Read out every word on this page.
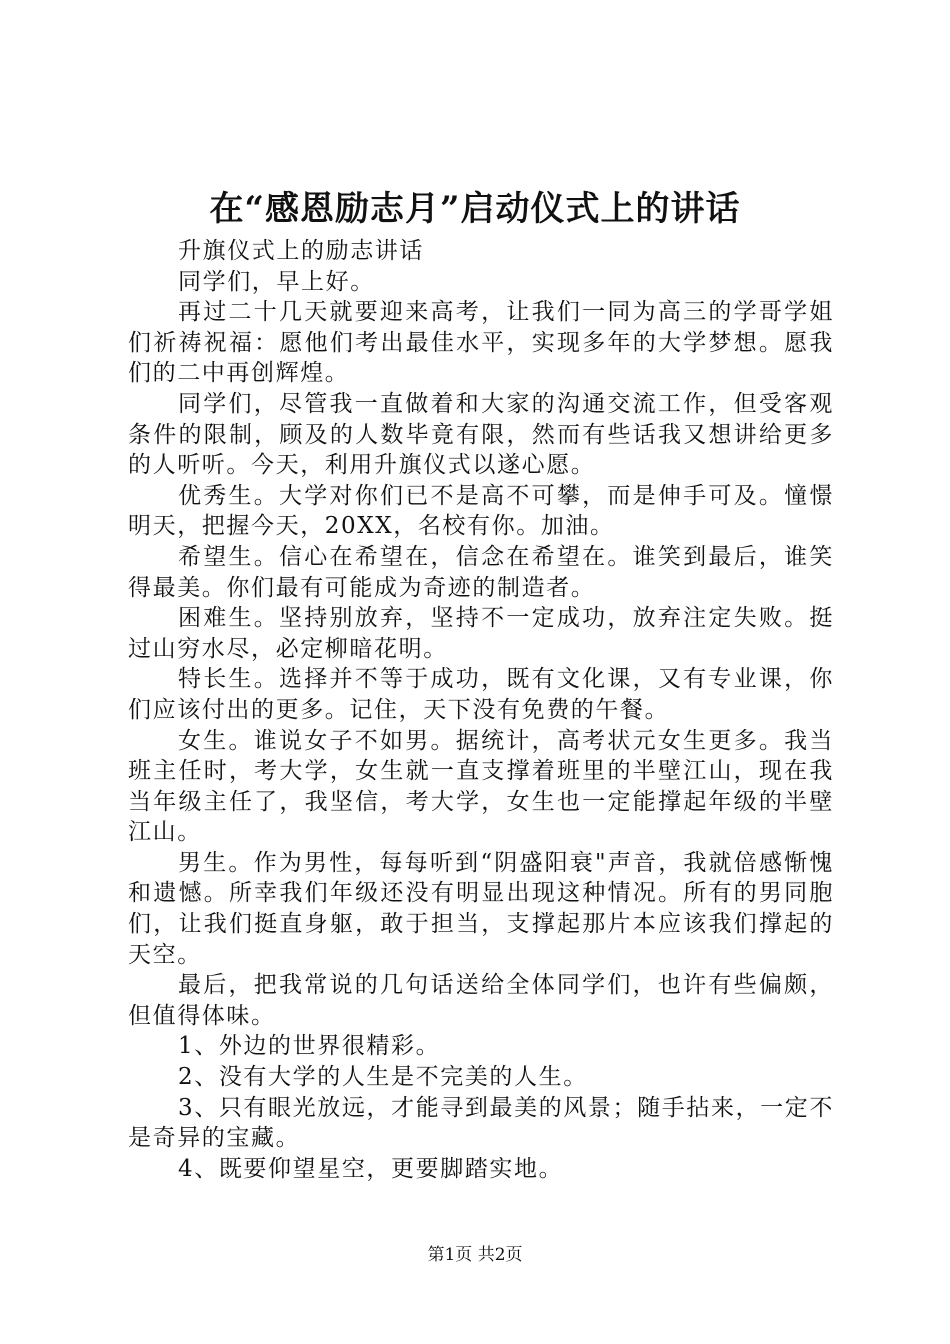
在“感恩励志月”启动仪式上的讲话

升旗仪式上的励志讲话

同学们，早上好。

再过二十几天就要迎来高考，让我们一同为高三的学哥学姐们祈祷祝福：愿他们考出最佳水平，实现多年的大学梦想。愿我们的二中再创辉煌。

同学们，尽管我一直做着和大家的沟通交流工作，但受客观条件的限制，顾及的人数毕竟有限，然而有些话我又想讲给更多的人听听。今天，利用升旗仪式以遂心愿。

优秀生。大学对你们已不是高不可攀，而是伸手可及。憧憬明天，把握今天，20XX，名校有你。加油。

希望生。信心在希望在，信念在希望在。谁笑到最后，谁笑得最美。你们最有可能成为奇迹的制造者。

困难生。坚持别放弃，坚持不一定成功，放弃注定失败。挺过山穷水尽，必定柳暗花明。

特长生。选择并不等于成功，既有文化课，又有专业课，你们应该付出的更多。记住，天下没有免费的午餐。

女生。谁说女子不如男。据统计，高考状元女生更多。我当班主任时，考大学，女生就一直支撑着班里的半壁江山，现在我当年级主任了，我坚信，考大学，女生也一定能撑起年级的半壁江山。

男生。作为男性，每每听到“阴盛阳衰"声音，我就倍感惭愧和遗憾。所幸我们年级还没有明显出现这种情况。所有的男同胞们，让我们挺直身躯，敢于担当，支撑起那片本应该我们撑起的天空。

最后，把我常说的几句话送给全体同学们，也许有些偏颇，但值得体味。

1、外边的世界很精彩。

2、没有大学的人生是不完美的人生。

3、只有眼光放远，才能寻到最美的风景；随手拈来，一定不是奇异的宝藏。

4、既要仰望星空，更要脚踏实地。

第1页 共2页
